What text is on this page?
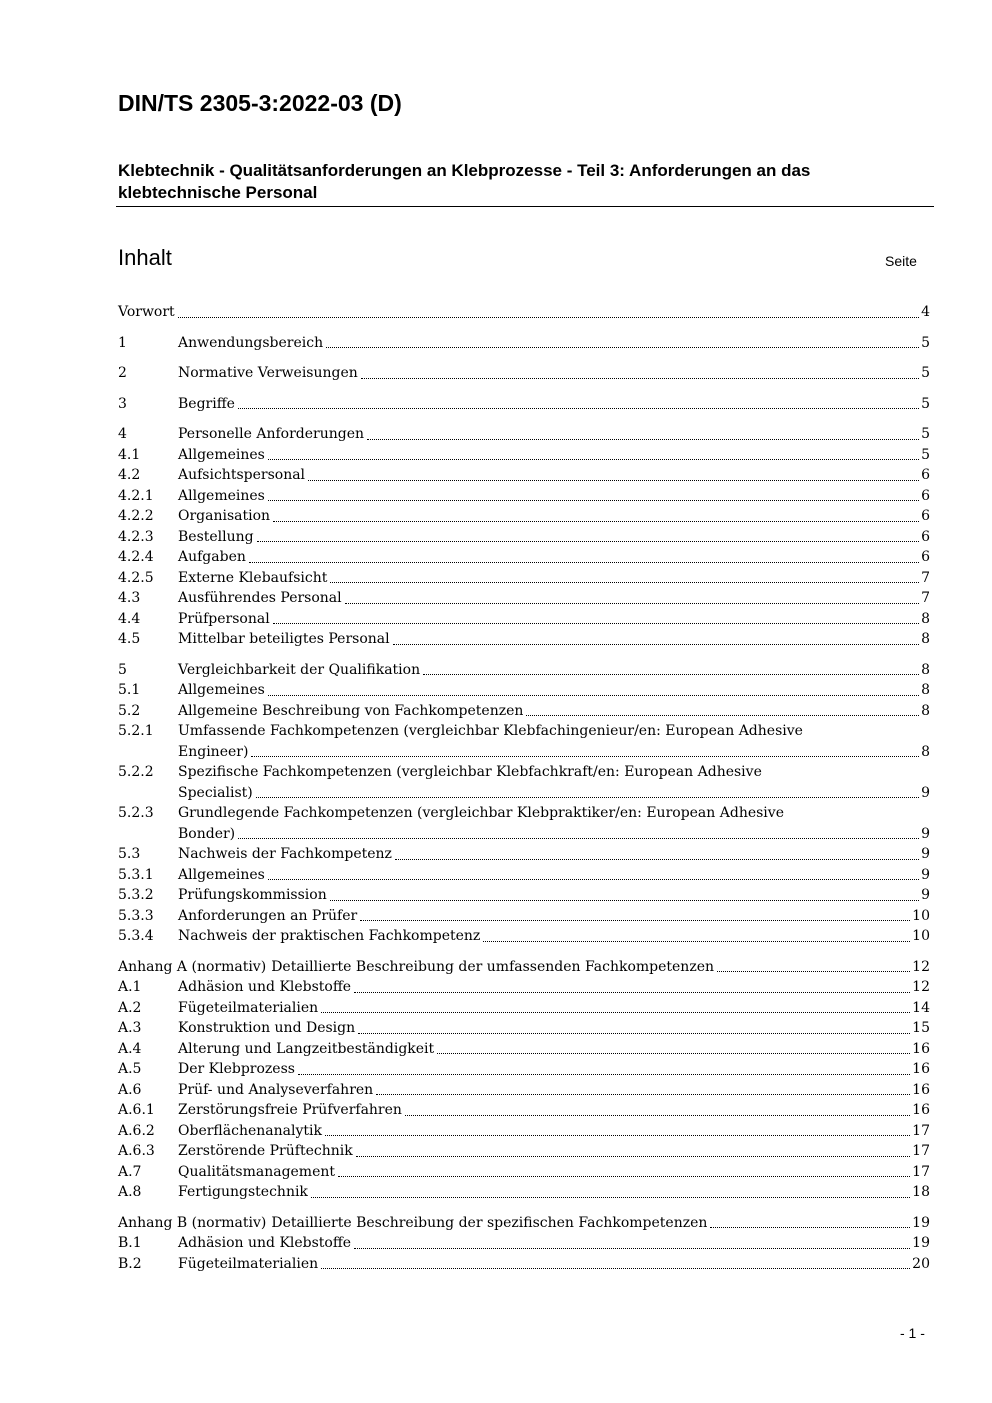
DIN/TS 2305-3:2022-03 (D)
Klebtechnik - Qualitätsanforderungen an Klebprozesse - Teil 3: Anforderungen an das klebtechnische Personal
Inhalt	Seite
Vorwort	4
1	Anwendungsbereich	5
2	Normative Verweisungen	5
3	Begriffe	5
4	Personelle Anforderungen	5
4.1	Allgemeines	5
4.2	Aufsichtspersonal	6
4.2.1	Allgemeines	6
4.2.2	Organisation	6
4.2.3	Bestellung	6
4.2.4	Aufgaben	6
4.2.5	Externe Klebaufsicht	7
4.3	Ausführendes Personal	7
4.4	Prüfpersonal	8
4.5	Mittelbar beteiligtes Personal	8
5	Vergleichbarkeit der Qualifikation	8
5.1	Allgemeines	8
5.2	Allgemeine Beschreibung von Fachkompetenzen	8
5.2.1	Umfassende Fachkompetenzen (vergleichbar Klebfachingenieur/en: European Adhesive
Engineer)	8
5.2.2	Spezifische Fachkompetenzen (vergleichbar Klebfachkraft/en: European Adhesive
Specialist)	9
5.2.3	Grundlegende Fachkompetenzen (vergleichbar Klebpraktiker/en: European Adhesive
Bonder)	9
5.3	Nachweis der Fachkompetenz	9
5.3.1	Allgemeines	9
5.3.2	Prüfungskommission	9
5.3.3	Anforderungen an Prüfer	10
5.3.4	Nachweis der praktischen Fachkompetenz	10
Anhang A (normativ) Detaillierte Beschreibung der umfassenden Fachkompetenzen	12
A.1	Adhäsion und Klebstoffe	12
A.2	Fügeteilmaterialien	14
A.3	Konstruktion und Design	15
A.4	Alterung und Langzeitbeständigkeit	16
A.5	Der Klebprozess	16
A.6	Prüf- und Analyseverfahren	16
A.6.1	Zerstörungsfreie Prüfverfahren	16
A.6.2	Oberflächenanalytik	17
A.6.3	Zerstörende Prüftechnik	17
A.7	Qualitätsmanagement	17
A.8	Fertigungstechnik	18
Anhang B (normativ) Detaillierte Beschreibung der spezifischen Fachkompetenzen	19
B.1	Adhäsion und Klebstoffe	19
B.2	Fügeteilmaterialien	20
- 1 -
